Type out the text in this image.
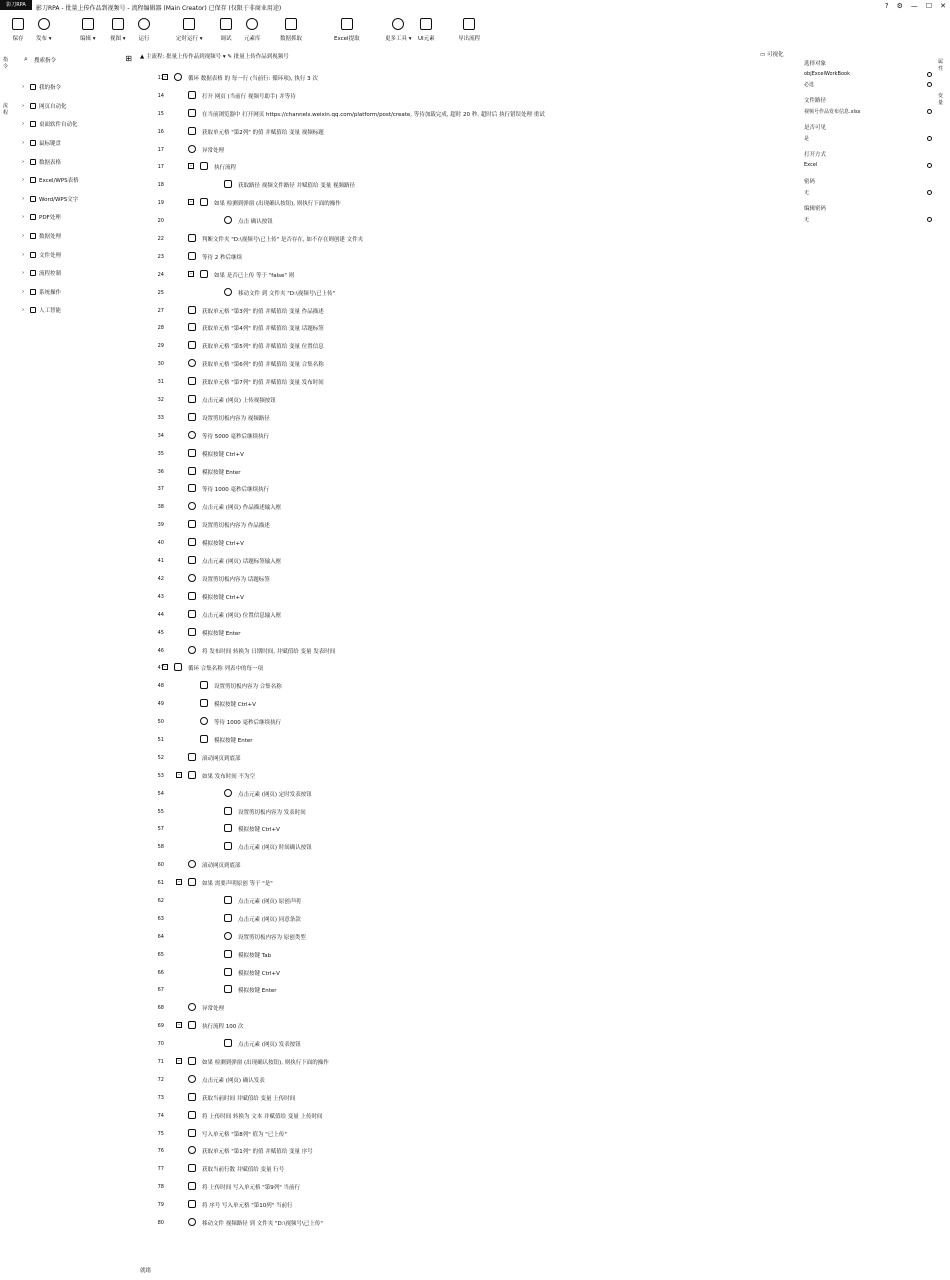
影刀RPA	影刀RPA - 批量上传作品到视频号 - 流程编辑器 (Main Creator) 已保存 (仅限于非商业用途)	? ⚙ — ☐ ✕
保存 发布 ▾	编辑 ▾	视图 ▾ 运行	定时运行 ▾	调试 元素库	数据抓取	Excel提取	更多工具 ▾ UI元素	导出流程
指令
流程
⌕ 搜索指令	⊞
›	我的指令
›	网页自动化
›	桌面软件自动化
›	鼠标键盘
›	数据表格
›	Excel/WPS表格
›	Word/WPS文字
›	PDF处理
›	数据处理
›	文件处理
›	流程控制
›	系统操作
›	人工智能
▲ 主流程: 批量上传作品到视频号 ▾ ✎ 批量上传作品到视频号	▭ 可视化
11 −	循环 数据表格 的 每一行 (当前行: 循环项), 执行 3 次
14	打开 网页 (当前行 视频号助手) 并等待
15	在当前浏览器中 打开网页 https://channels.weixin.qq.com/platform/post/create, 等待加载完成, 超时 20 秒, 超时后 执行错误处理 重试
16	获取单元格 "第2列" 的值 并赋值给 变量 视频标题
17	异常处理
17	−	执行流程
18	获取路径 视频文件路径 并赋值给 变量 视频路径
19	−	如果 检测到弹窗 (出现确认按钮), 则执行下面的操作
20	点击 确认按钮
22	判断文件夹 "D:\视频号\已上传" 是否存在, 如不存在则创建 文件夹
23	等待 2 秒后继续
24	−	如果 是否已上传 等于 "false" 则
25	移动文件 到 文件夹 "D:\视频号\已上传"
27	获取单元格 "第3列" 的值 并赋值给 变量 作品描述
28	获取单元格 "第4列" 的值 并赋值给 变量 话题标签
29	获取单元格 "第5列" 的值 并赋值给 变量 位置信息
30	获取单元格 "第6列" 的值 并赋值给 变量 合集名称
31	获取单元格 "第7列" 的值 并赋值给 变量 发布时间
32	点击元素 (网页) 上传视频按钮
33	设置剪切板内容为 视频路径
34	等待 5000 毫秒后继续执行
35	模拟按键 Ctrl+V
36	模拟按键 Enter
37	等待 1000 毫秒后继续执行
38	点击元素 (网页) 作品描述输入框
39	设置剪切板内容为 作品描述
40	模拟按键 Ctrl+V
41	点击元素 (网页) 话题标签输入框
42	设置剪切板内容为 话题标签
43	模拟按键 Ctrl+V
44	点击元素 (网页) 位置信息输入框
45	模拟按键 Enter
46	将 发布时间 转换为 日期时间, 并赋值给 变量 发表时间
47 −	循环 合集名称 列表中的每一项
48	设置剪切板内容为 合集名称
49	模拟按键 Ctrl+V
50	等待 1000 毫秒后继续执行
51	模拟按键 Enter
52	滚动网页到底部
53	−	如果 发布时间 不为空
54	点击元素 (网页) 定时发表按钮
55	设置剪切板内容为 发表时间
57	模拟按键 Ctrl+V
58	点击元素 (网页) 时间确认按钮
60	滚动网页到底部
61	−	如果 需要声明原创 等于 "是"
62	点击元素 (网页) 原创声明
63	点击元素 (网页) 同意条款
64	设置剪切板内容为 原创类型
65	模拟按键 Tab
66	模拟按键 Ctrl+V
67	模拟按键 Enter
68	异常处理
69	−	执行流程 100 次
70	点击元素 (网页) 发表按钮
71	−	如果 检测到弹窗 (出现确认按钮), 则执行下面的操作
72	点击元素 (网页) 确认发表
73	获取当前时间 并赋值给 变量 上传时间
74	将 上传时间 转换为 文本 并赋值给 变量 上传时间
75	写入单元格 "第8列" 值为 "已上传"
76	获取单元格 "第1列" 的值 并赋值给 变量 序号
77	获取当前行数 并赋值给 变量 行号
78	将 上传时间 写入单元格 "第9列" 当前行
79	将 序号 写入单元格 "第10列" 当前行
80	移动文件 视频路径 到 文件夹 "D:\视频号\已上传"
就绪
选择对象
objExcelWorkBook
必选
文件路径
视频号作品发布信息.xlsx
是否可见
是
打开方式
Excel
密码
无
编辑密码
无
属性
变量
